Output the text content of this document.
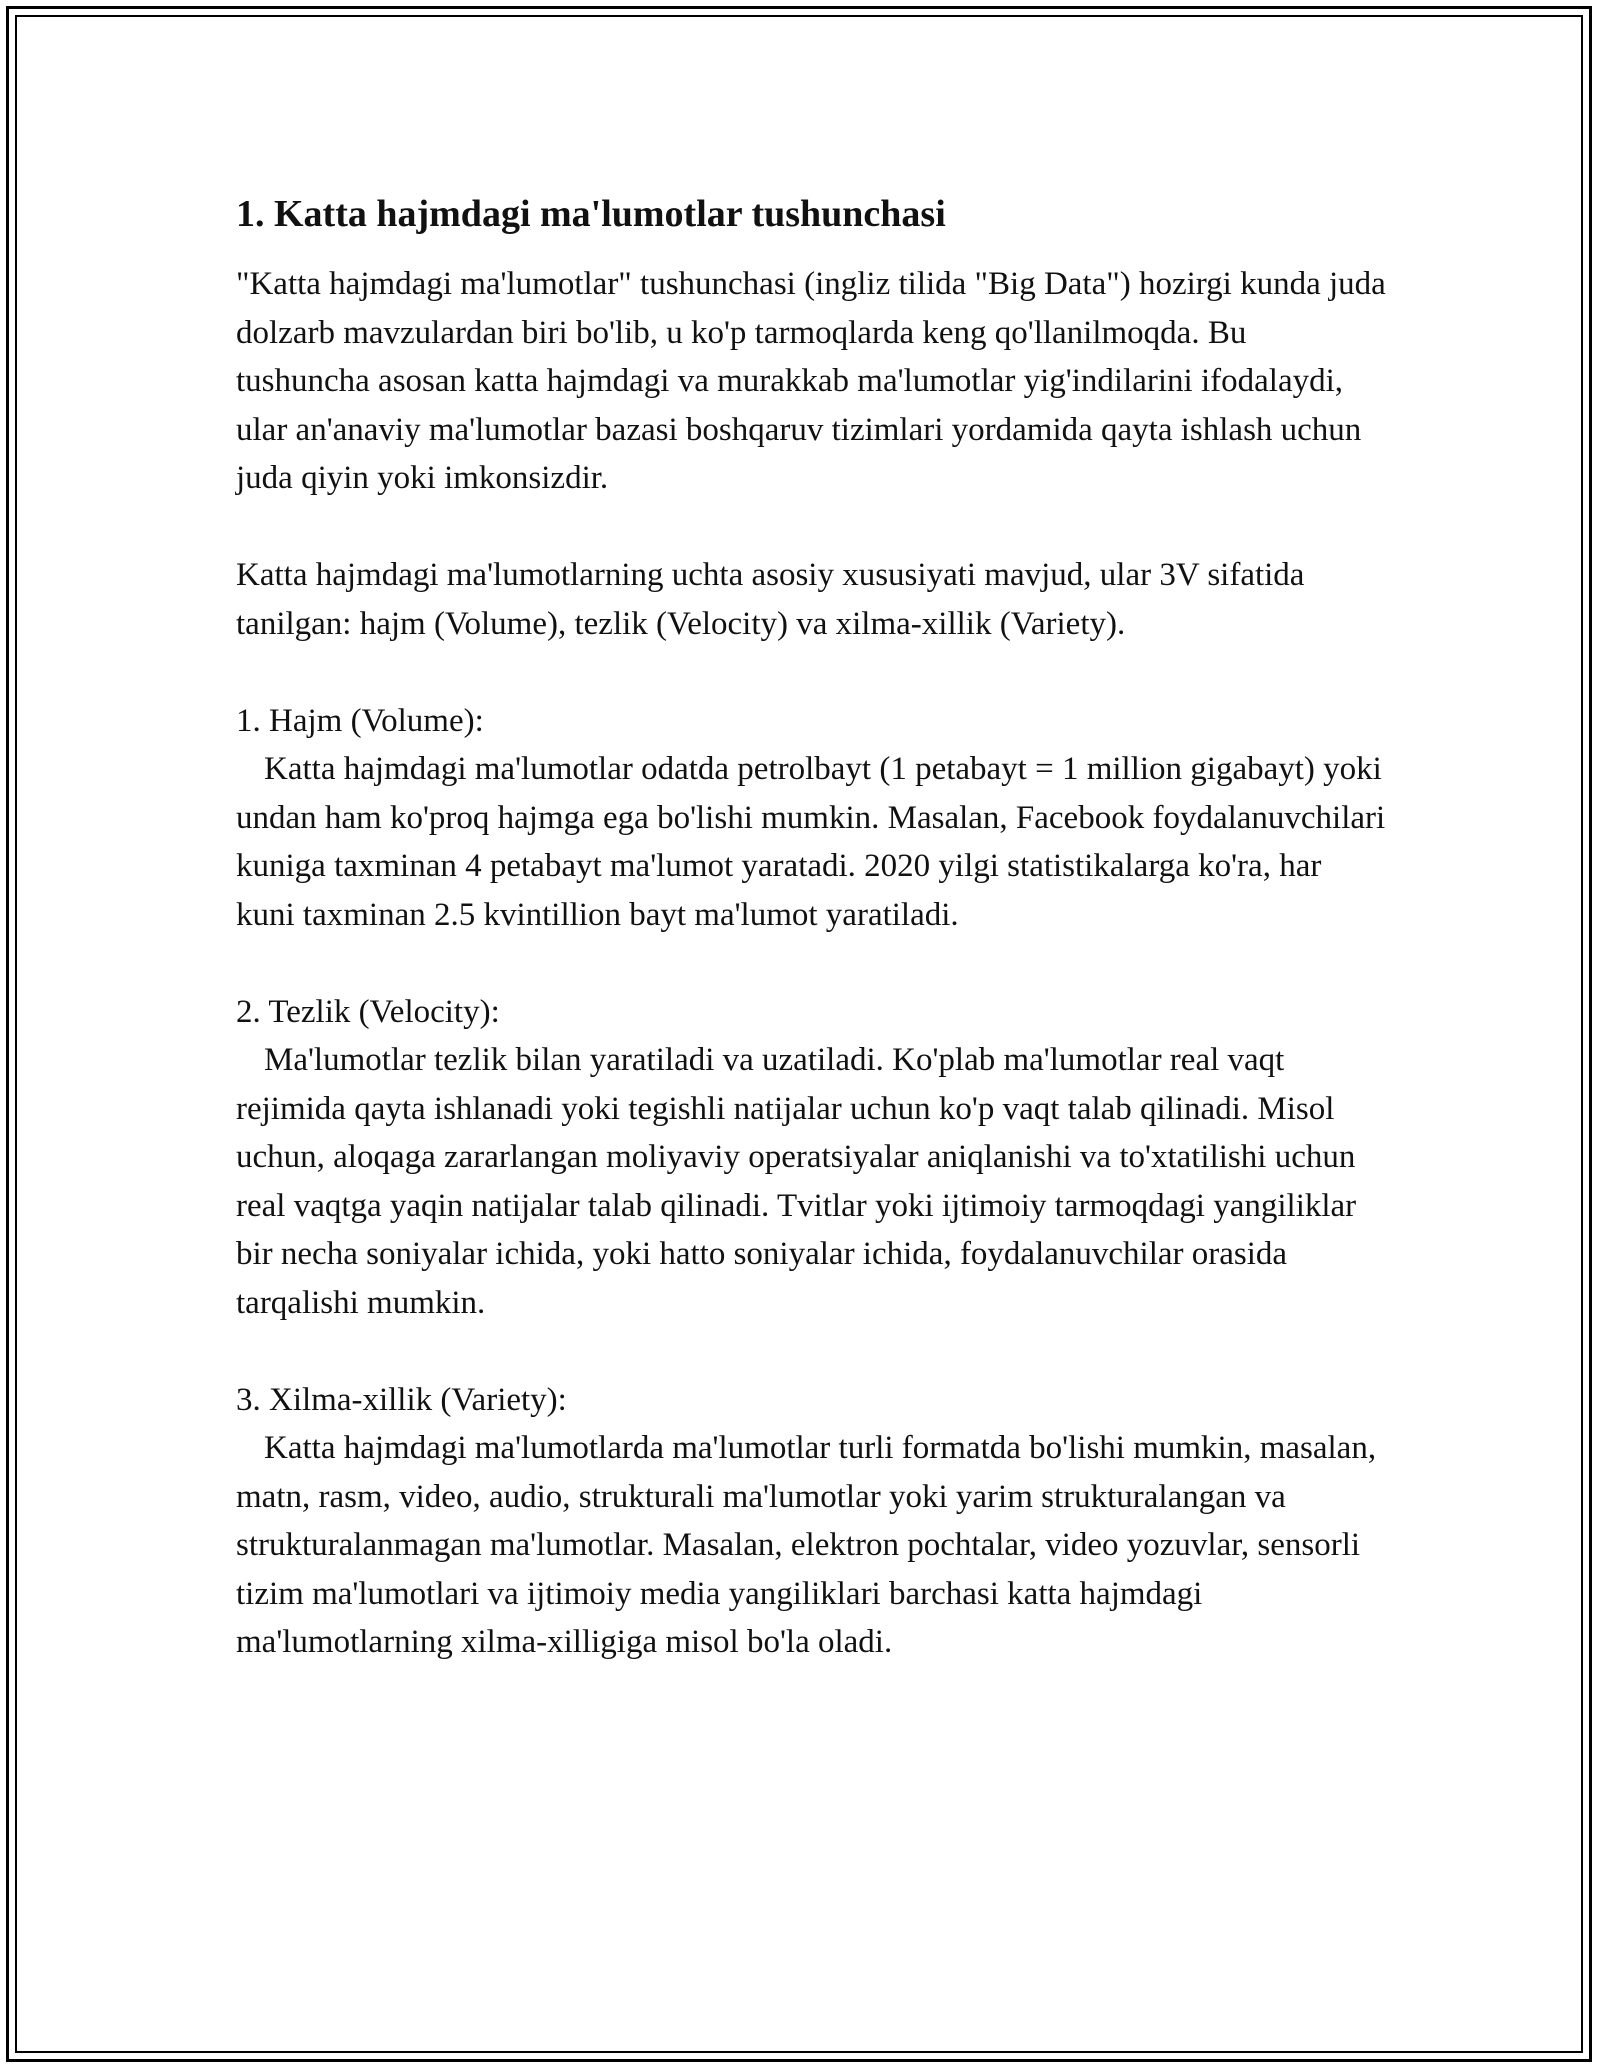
1. Katta hajmdagi ma'lumotlar tushunchasi

"Katta hajmdagi ma'lumotlar" tushunchasi (ingliz tilida "Big Data") hozirgi kunda juda dolzarb mavzulardan biri bo'lib, u ko'p tarmoqlarda keng qo'llanilmoqda. Bu tushuncha asosan katta hajmdagi va murakkab ma'lumotlar yig'indilarini ifodalaydi, ular an'anaviy ma'lumotlar bazasi boshqaruv tizimlari yordamida qayta ishlash uchun juda qiyin yoki imkonsizdir.

Katta hajmdagi ma'lumotlarning uchta asosiy xususiyati mavjud, ular 3V sifatida tanilgan: hajm (Volume), tezlik (Velocity) va xilma-xillik (Variety).

1. Hajm (Volume):

Katta hajmdagi ma'lumotlar odatda petrolbayt (1 petabayt = 1 million gigabayt) yoki undan ham ko'proq hajmga ega bo'lishi mumkin. Masalan, Facebook foydalanuvchilari kuniga taxminan 4 petabayt ma'lumot yaratadi. 2020 yilgi statistikalarga ko'ra, har kuni taxminan 2.5 kvintillion bayt ma'lumot yaratiladi.

2. Tezlik (Velocity):

Ma'lumotlar tezlik bilan yaratiladi va uzatiladi. Ko'plab ma'lumotlar real vaqt rejimida qayta ishlanadi yoki tegishli natijalar uchun ko'p vaqt talab qilinadi. Misol uchun, aloqaga zararlangan moliyaviy operatsiyalar aniqlanishi va to'xtatilishi uchun real vaqtga yaqin natijalar talab qilinadi. Tvitlar yoki ijtimoiy tarmoqdagi yangiliklar bir necha soniyalar ichida, yoki hatto soniyalar ichida, foydalanuvchilar orasida tarqalishi mumkin.

3. Xilma-xillik (Variety):

Katta hajmdagi ma'lumotlarda ma'lumotlar turli formatda bo'lishi mumkin, masalan, matn, rasm, video, audio, strukturali ma'lumotlar yoki yarim strukturalangan va strukturalanmagan ma'lumotlar. Masalan, elektron pochtalar, video yozuvlar, sensorli tizim ma'lumotlari va ijtimoiy media yangiliklari barchasi katta hajmdagi ma'lumotlarning xilma-xilligiga misol bo'la oladi.
